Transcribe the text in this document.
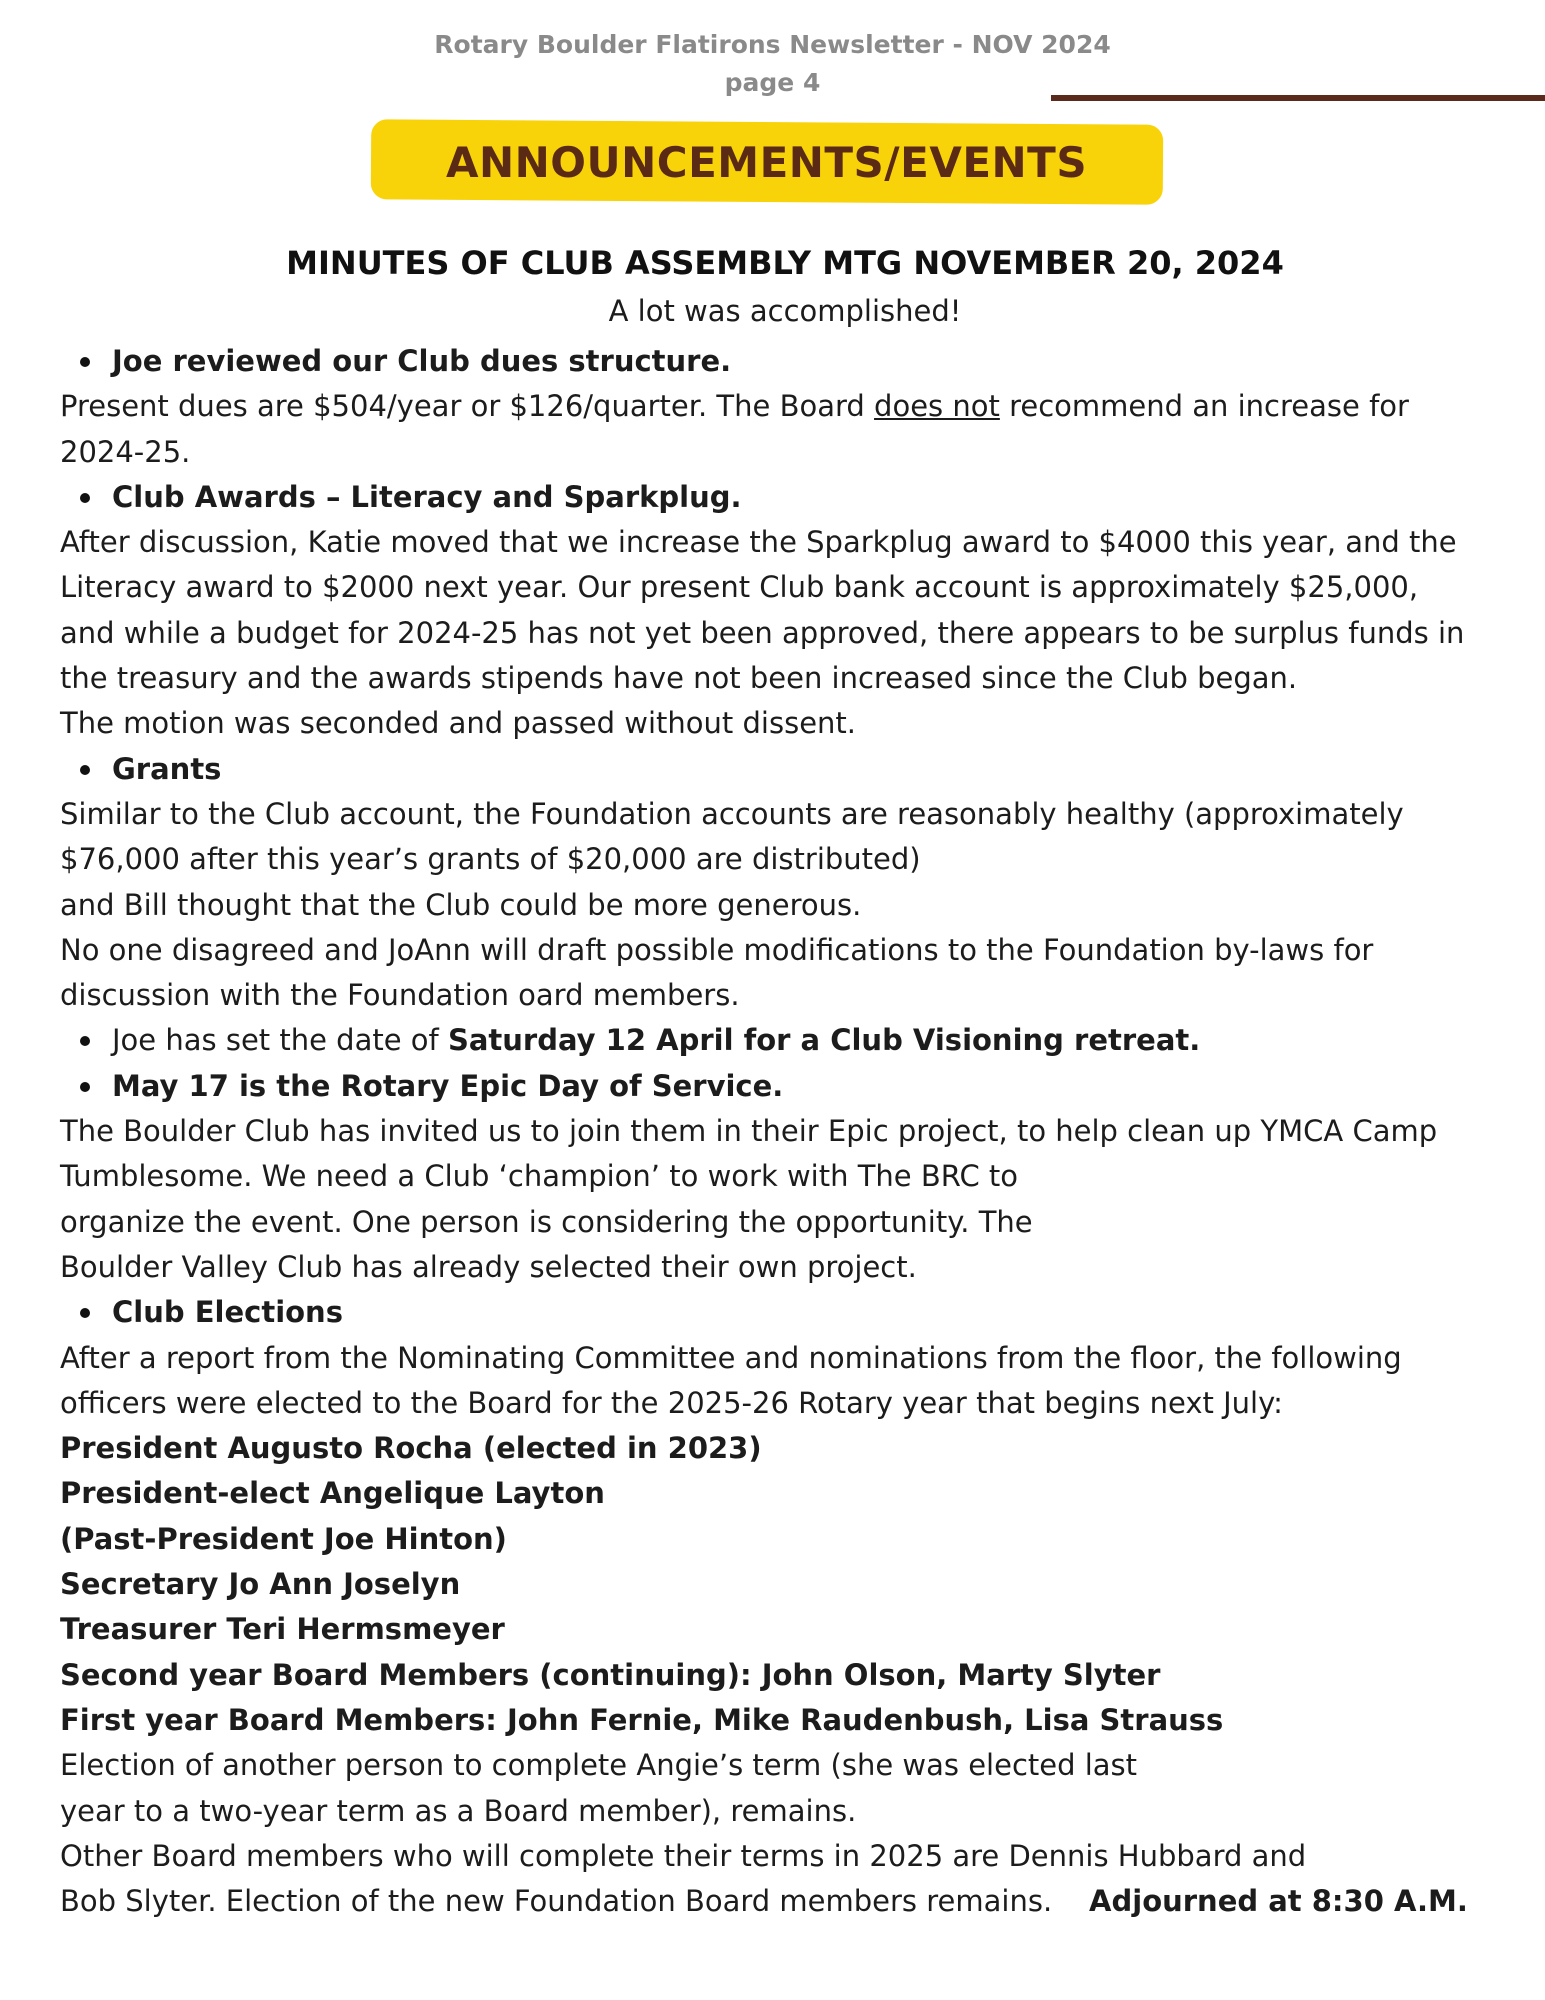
Rotary Boulder Flatirons Newsletter - NOV 2024
page 4
ANNOUNCEMENTS/EVENTS
MINUTES OF CLUB ASSEMBLY MTG NOVEMBER 20, 2024
A lot was accomplished!
Joe reviewed our Club dues structure.
Present dues are $504/year or $126/quarter. The Board does not recommend an increase for
2024-25.
Club Awards – Literacy and Sparkplug.
After discussion, Katie moved that we increase the Sparkplug award to $4000 this year, and the
Literacy award to $2000 next year. Our present Club bank account is approximately $25,000,
and while a budget for 2024-25 has not yet been approved, there appears to be surplus funds in
the treasury and the awards stipends have not been increased since the Club began.
The motion was seconded and passed without dissent.
Grants
Similar to the Club account, the Foundation accounts are reasonably healthy (approximately
$76,000 after this year’s grants of $20,000 are distributed)
and Bill thought that the Club could be more generous.
No one disagreed and JoAnn will draft possible modifications to the Foundation by-laws for
discussion with the Foundation oard members.
Joe has set the date of Saturday 12 April for a Club Visioning retreat.
May 17 is the Rotary Epic Day of Service.
The Boulder Club has invited us to join them in their Epic project, to help clean up YMCA Camp
Tumblesome. We need a Club ‘champion’ to work with The BRC to
organize the event. One person is considering the opportunity. The
Boulder Valley Club has already selected their own project.
Club Elections
After a report from the Nominating Committee and nominations from the floor, the following
officers were elected to the Board for the 2025-26 Rotary year that begins next July:
President Augusto Rocha (elected in 2023)
President-elect Angelique Layton
(Past-President Joe Hinton)
Secretary Jo Ann Joselyn
Treasurer Teri Hermsmeyer
Second year Board Members (continuing): John Olson, Marty Slyter
First year Board Members: John Fernie, Mike Raudenbush, Lisa Strauss
Election of another person to complete Angie’s term (she was elected last
year to a two-year term as a Board member), remains.
Other Board members who will complete their terms in 2025 are Dennis Hubbard and
Bob Slyter. Election of the new Foundation Board members remains.    Adjourned at 8:30 A.M.
